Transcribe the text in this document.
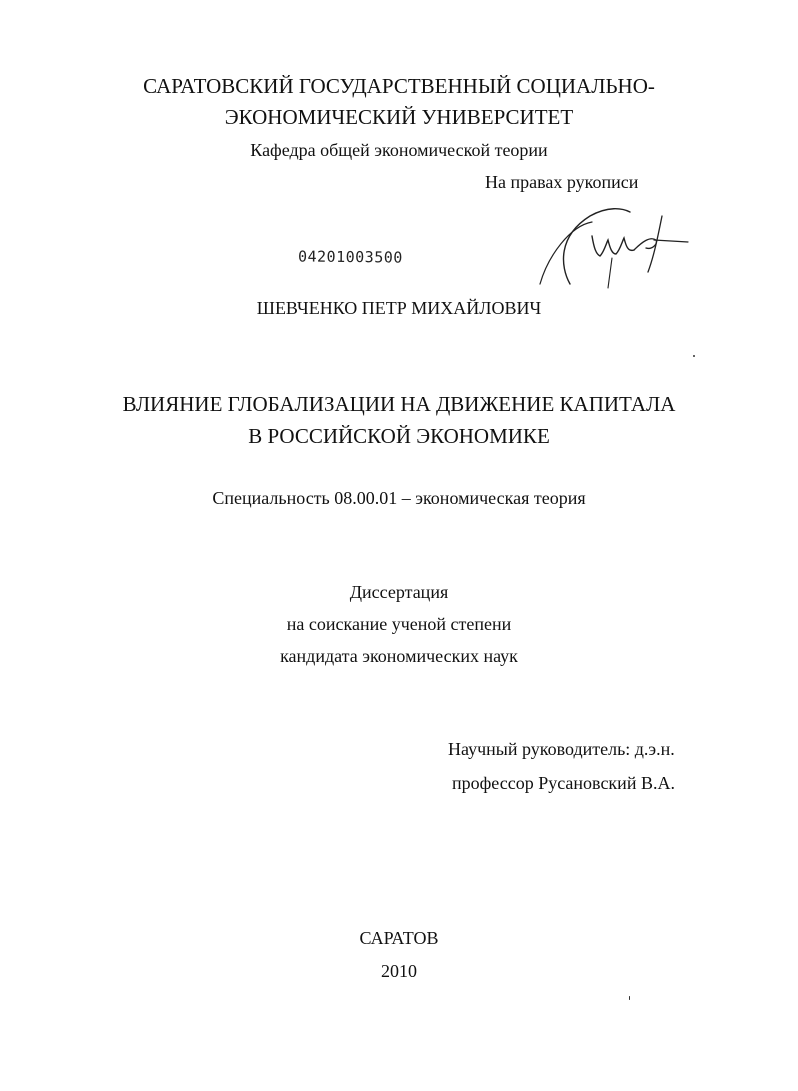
САРАТОВСКИЙ ГОСУДАРСТВЕННЫЙ СОЦИАЛЬНО-
ЭКОНОМИЧЕСКИЙ УНИВЕРСИТЕТ
Кафедра общей экономической теории
На правах рукописи
04201003500
ШЕВЧЕНКО ПЕТР МИХАЙЛОВИЧ
ВЛИЯНИЕ ГЛОБАЛИЗАЦИИ НА ДВИЖЕНИЕ КАПИТАЛА
В РОССИЙСКОЙ ЭКОНОМИКЕ
Специальность 08.00.01 – экономическая теория
Диссертация
на соискание ученой степени
кандидата экономических наук
Научный руководитель: д.э.н.
профессор Русановский В.А.
САРАТОВ
2010
